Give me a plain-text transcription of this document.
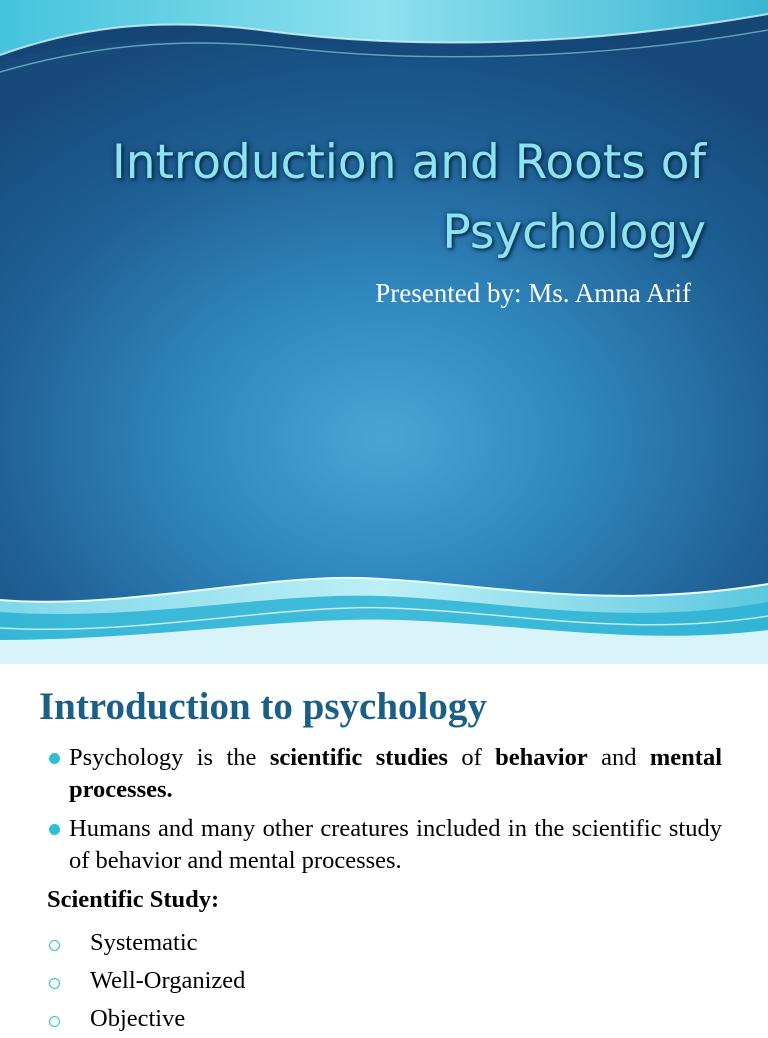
Introduction and Roots of
Psychology

Presented by: Ms. Amna Arif

Introduction to psychology
Psychology is the scientific studies of behavior and mental processes.
Humans and many other creatures included in the scientific study of behavior and mental processes.

Scientific Study:

Systematic
Well-Organized
Objective
